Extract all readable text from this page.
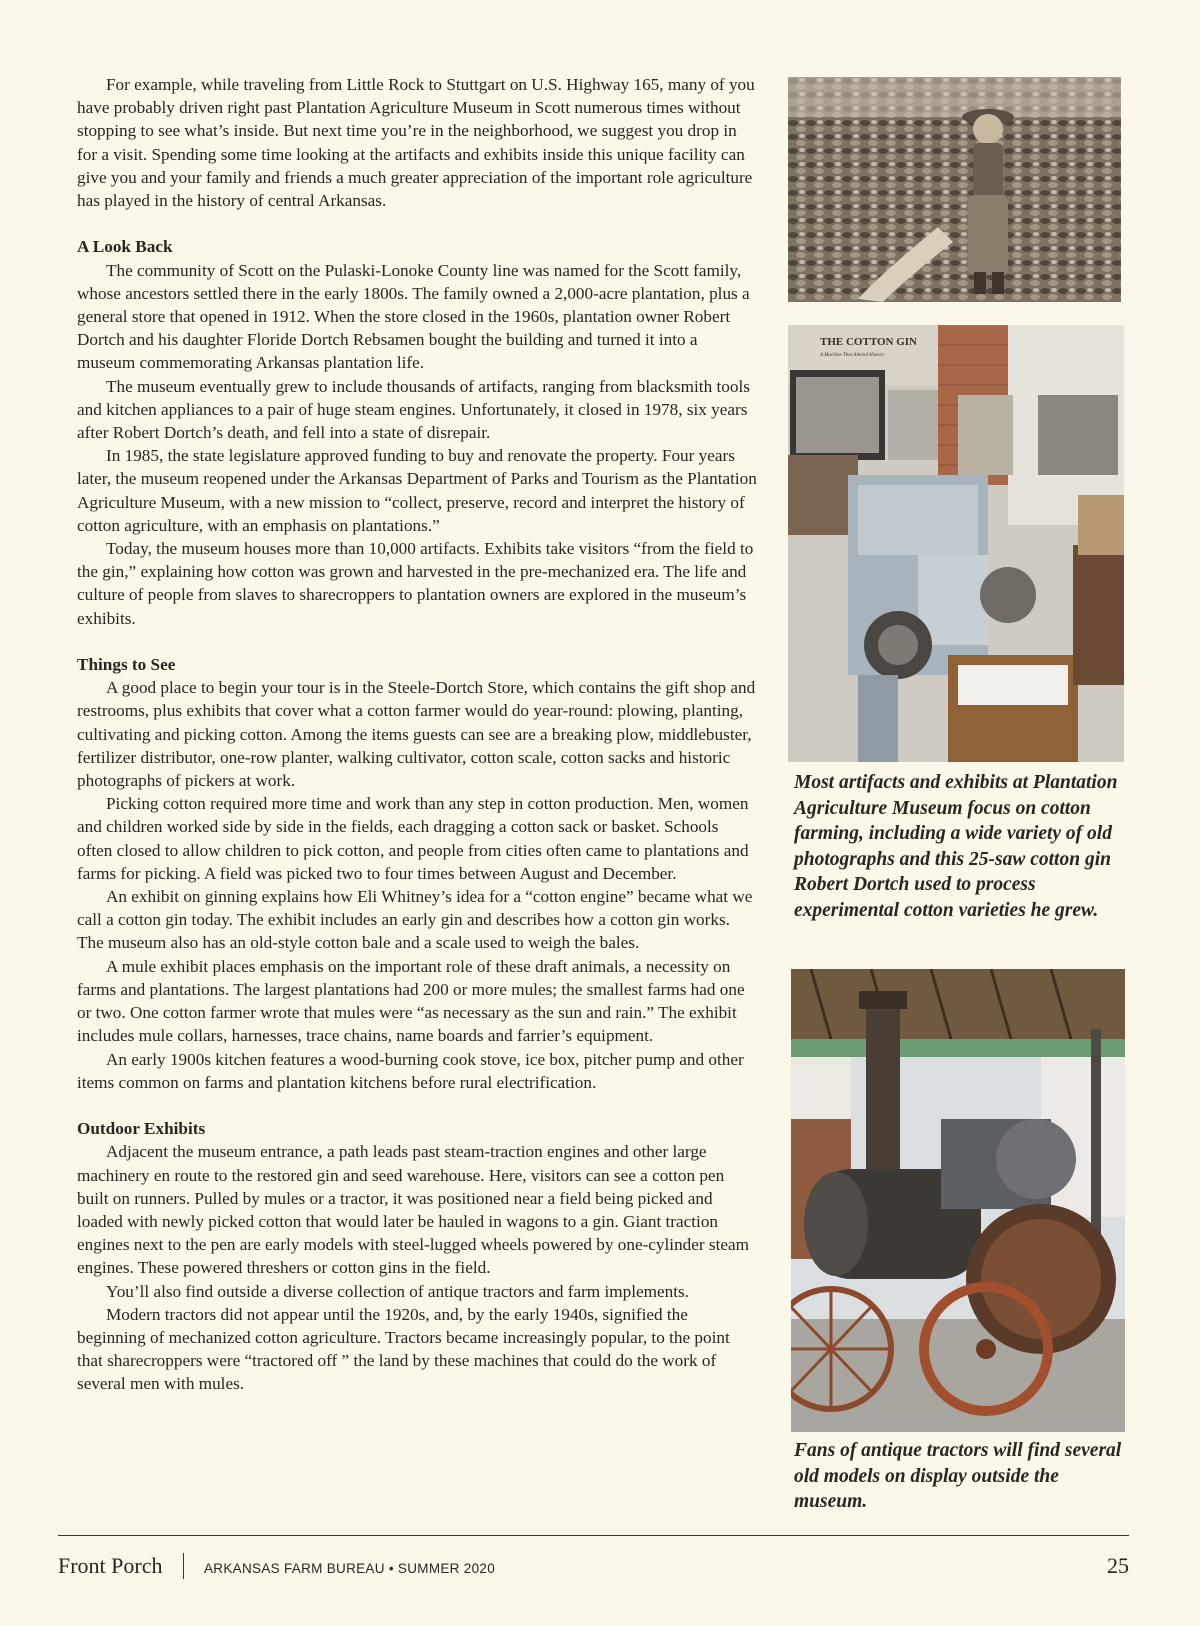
For example, while traveling from Little Rock to Stuttgart on U.S. Highway 165, many of you have probably driven right past Plantation Agriculture Museum in Scott numerous times without stopping to see what’s inside. But next time you’re in the neighborhood, we suggest you drop in for a visit. Spending some time looking at the artifacts and exhibits inside this unique facility can give you and your family and friends a much greater appreciation of the important role agriculture has played in the history of central Arkansas.

A Look Back

The community of Scott on the Pulaski-Lonoke County line was named for the Scott family, whose ancestors settled there in the early 1800s. The family owned a 2,000-acre plantation, plus a general store that opened in 1912. When the store closed in the 1960s, plantation owner Robert Dortch and his daughter Floride Dortch Rebsamen bought the building and turned it into a museum commemorating Arkansas plantation life.

The museum eventually grew to include thousands of artifacts, ranging from blacksmith tools and kitchen appliances to a pair of huge steam engines. Unfortunately, it closed in 1978, six years after Robert Dortch’s death, and fell into a state of disrepair.

In 1985, the state legislature approved funding to buy and renovate the property. Four years later, the museum reopened under the Arkansas Department of Parks and Tourism as the Plantation Agriculture Museum, with a new mission to “collect, preserve, record and interpret the history of cotton agriculture, with an emphasis on plantations.”

Today, the museum houses more than 10,000 artifacts. Exhibits take visitors “from the field to the gin,” explaining how cotton was grown and harvested in the pre-mechanized era. The life and culture of people from slaves to sharecroppers to plantation owners are explored in the museum’s exhibits.

Things to See

A good place to begin your tour is in the Steele-Dortch Store, which contains the gift shop and restrooms, plus exhibits that cover what a cotton farmer would do year-round: plowing, planting, cultivating and picking cotton. Among the items guests can see are a breaking plow, middlebuster, fertilizer distributor, one-row planter, walking cultivator, cotton scale, cotton sacks and historic photographs of pickers at work.

Picking cotton required more time and work than any step in cotton production. Men, women and children worked side by side in the fields, each dragging a cotton sack or basket. Schools often closed to allow children to pick cotton, and people from cities often came to plantations and farms for picking. A field was picked two to four times between August and December.

An exhibit on ginning explains how Eli Whitney’s idea for a “cotton engine” became what we call a cotton gin today. The exhibit includes an early gin and describes how a cotton gin works. The museum also has an old-style cotton bale and a scale used to weigh the bales.

A mule exhibit places emphasis on the important role of these draft animals, a necessity on farms and plantations. The largest plantations had 200 or more mules; the smallest farms had one or two. One cotton farmer wrote that mules were “as necessary as the sun and rain.” The exhibit includes mule collars, harnesses, trace chains, name boards and farrier’s equipment.

An early 1900s kitchen features a wood-burning cook stove, ice box, pitcher pump and other items common on farms and plantation kitchens before rural electrification.

Outdoor Exhibits

Adjacent the museum entrance, a path leads past steam-traction engines and other large machinery en route to the restored gin and seed warehouse. Here, visitors can see a cotton pen built on runners. Pulled by mules or a tractor, it was positioned near a field being picked and loaded with newly picked cotton that would later be hauled in wagons to a gin. Giant traction engines next to the pen are early models with steel-lugged wheels powered by one-cylinder steam engines. These powered threshers or cotton gins in the field.

You’ll also find outside a diverse collection of antique tractors and farm implements.

Modern tractors did not appear until the 1920s, and, by the early 1940s, signified the beginning of mechanized cotton agriculture. Tractors became increasingly popular, to the point that sharecroppers were “tractored off ” the land by these machines that could do the work of several men with mules.

THE COTTON GIN
A Machine That Altered History
Most artifacts and exhibits at Plantation Agriculture Museum focus on cotton farming, including a wide variety of old photographs and this 25-saw cotton gin Robert Dortch used to process experimental cotton varieties he grew.
Fans of antique tractors will find several old models on display outside the museum.
Front Porch	ARKANSAS FARM BUREAU • SUMMER 2020	25
